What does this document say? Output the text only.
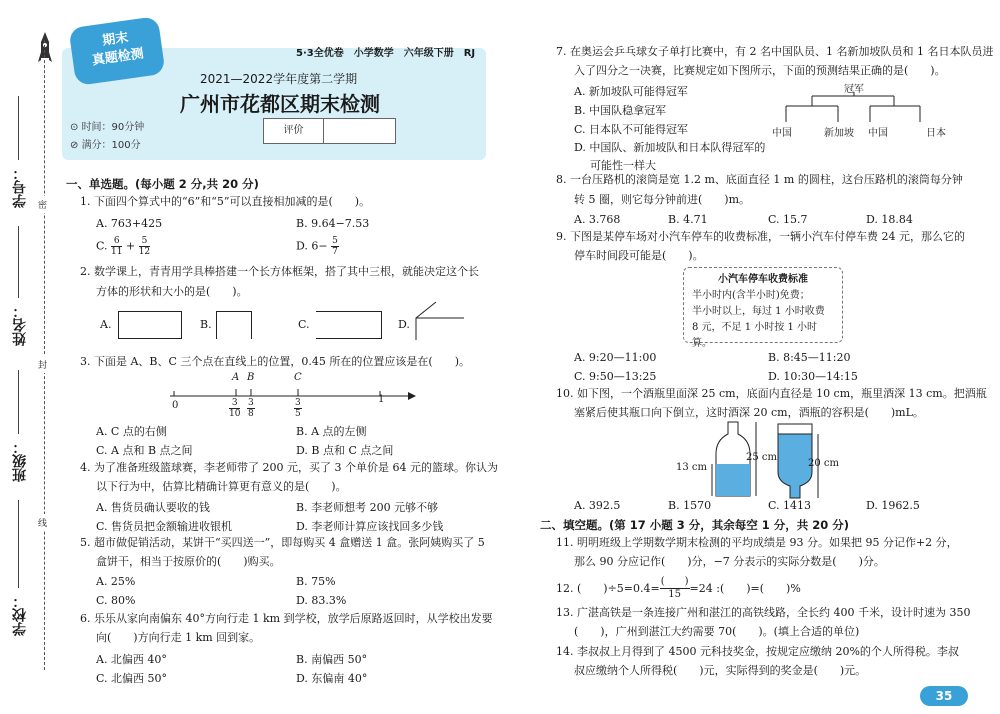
学号：
姓名：
班级：
学校：
密
封
线
期末
真题检测	5·3全优卷　小学数学　六年级下册　RJ
2021—2022学年度第二学期
广州市花都区期末检测
⊙ 时间：90分钟
⊘ 满分：100分
评价
一、单选题。(每小题 2 分,共 20 分)
1. 下面四个算式中的“6”和“5”可以直接相加减的是(　　)。
A. 763+425	B. 9.64−7.53
C. $\frac{6}{11} + \frac{5}{12}$	D. $6- \frac{5}{7}$
2. 数学课上，青青用学具棒搭建一个长方体框架，搭了其中三根，就能决定这个长
方体的形状和大小的是(　　)。
A.	B.	C.	D.
3. 下面是 A、B、C 三个点在直线上的位置，0.45 所在的位置应该是在(　　)。
A B	C
0
1
$\frac{3}{10} \frac{3}{8}$	$\frac{3}{5}$
A. C 点的右侧	B. A 点的左侧
C. A 点和 B 点之间	D. B 点和 C 点之间
4. 为了准备班级篮球赛，李老师带了 200 元，买了 3 个单价是 64 元的篮球。你认为
以下行为中，估算比精确计算更有意义的是(　　)。
A. 售货员确认要收的钱	B. 李老师想考 200 元够不够
C. 售货员把金额输进收银机	D. 李老师计算应该找回多少钱
5. 超市做促销活动，某饼干“买四送一”，即每购买 4 盒赠送 1 盒。张阿姨购买了 5
盒饼干，相当于按原价的(　　)购买。
A. 25%	B. 75%
C. 80%	D. 83.3%
6. 乐乐从家向南偏东 40°方向行走 1 km 到学校，放学后原路返回时，从学校出发要
向(　　)方向行走 1 km 回到家。
A. 北偏西 40°	B. 南偏西 50°
C. 北偏西 50°	D. 东偏南 40°
7. 在奥运会乒乓球女子单打比赛中，有 2 名中国队员、1 名新加坡队员和 1 名日本队员进
入了四分之一决赛，比赛规定如下图所示，下面的预测结果正确的是(　　)。
A. 新加坡队可能得冠军
B. 中国队稳拿冠军
C. 日本队不可能得冠军
D. 中国队、新加坡队和日本队得冠军的
可能性一样大
冠军
中国	新加坡 中国	日本
8. 一台压路机的滚筒是宽 1.2 m、底面直径 1 m 的圆柱，这台压路机的滚筒每分钟
转 5 圈，则它每分钟前进(　　)m。
A. 3.768	B. 4.71	C. 15.7	D. 18.84
9. 下图是某停车场对小汽车停车的收费标准，一辆小汽车付停车费 24 元，那么它的
停车时间段可能是(　　)。
小汽车停车收费标准
半小时内(含半小时)免费；
半小时以上，每过 1 小时收费
8 元，不足 1 小时按 1 小时算。
A. 9:20—11:00	B. 8:45—11:20
C. 9:50—13:25	D. 10:30—14:15
10. 如下图，一个酒瓶里面深 25 cm，底面内直径是 10 cm，瓶里酒深 13 cm。把酒瓶
塞紧后使其瓶口向下倒立，这时酒深 20 cm，酒瓶的容积是(　　)mL。
13 cm
25 cm
20 cm
A. 392.5	B. 1570	C. 1413	D. 1962.5
二、填空题。(第 17 小题 3 分，其余每空 1 分，共 20 分)
11. 明明班级上学期数学期末检测的平均成绩是 93 分。如果把 95 分记作+2 分，
那么 90 分应记作(　　)分，−7 分表示的实际分数是(　　)分。
12. (　　)$\div 5=0.4= \frac{( )}{15} =24$ :(　　)=(　　)%
13. 广湛高铁是一条连接广州和湛江的高铁线路，全长约 400 千米，设计时速为 350
(　　)，广州到湛江大约需要 70(　　)。(填上合适的单位)
14. 李叔叔上月得到了 4500 元科技奖金，按规定应缴纳 20%的个人所得税。李叔
叔应缴纳个人所得税(　　)元，实际得到的奖金是(　　)元。
35
